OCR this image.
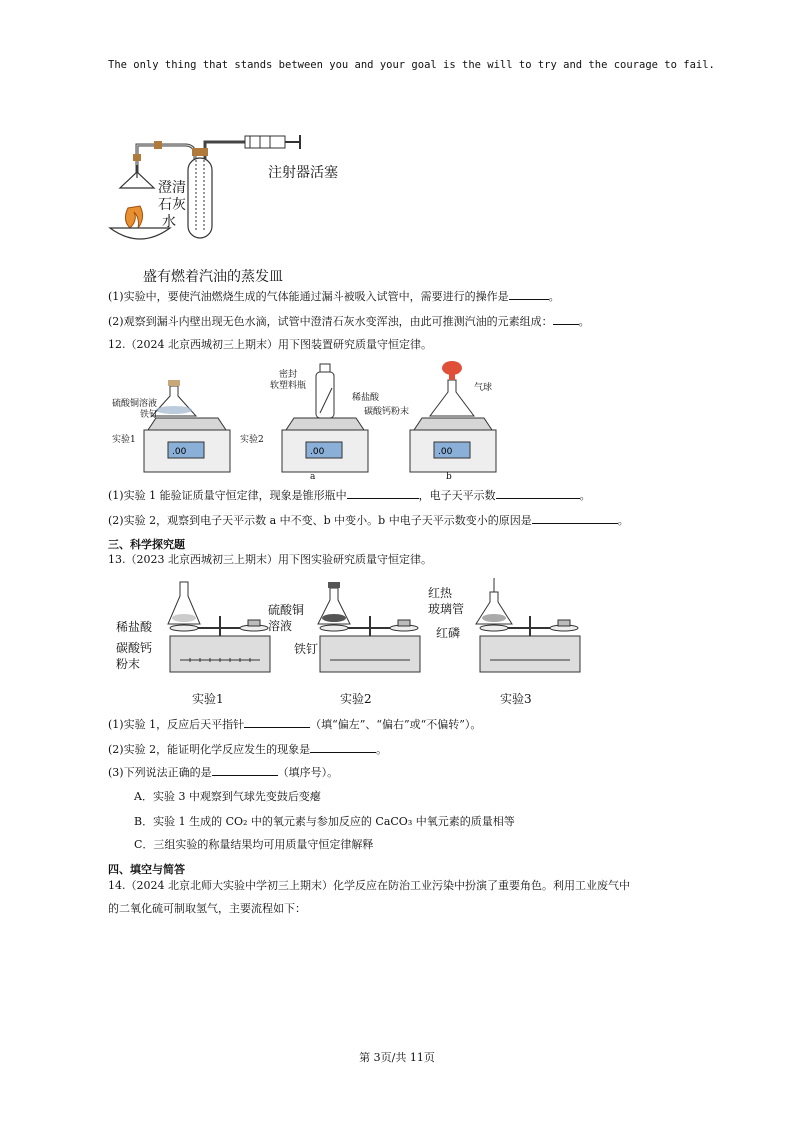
The only thing that stands between you and your goal is the will to try and the courage to fail.
注射器活塞
澄清
石灰
水
盛有燃着汽油的蒸发皿
(1)实验中，要使汽油燃烧生成的气体能通过漏斗被吸入试管中，需要进行的操作是	。
(2)观察到漏斗内壁出现无色水滴，试管中澄清石灰水变浑浊，由此可推测汽油的元素组成： 。
12.（2024 北京西城初三上期末）用下图装置研究质量守恒定律。
.00	.00	.00
硫酸铜溶液
铁钉
实验1	实验2
密封
软塑料瓶
稀盐酸
碳酸钙粉末
气球
a	b
(1)实验 1 能验证质量守恒定律，现象是锥形瓶中	，电子天平示数	。
(2)实验 2，观察到电子天平示数 a 中不变、b 中变小。b 中电子天平示数变小的原因是	。
三、科学探究题
13.（2023 北京西城初三上期末）用下图实验研究质量守恒定律。
稀盐酸
碳酸钙
粉末
硫酸铜
溶液
铁钉
红热
玻璃管
红磷
实验1	实验2	实验3
(1)实验 1，反应后天平指针	（填“偏左”、“偏右”或“不偏转”）。
(2)实验 2，能证明化学反应发生的现象是	。
(3)下列说法正确的是	（填序号）。
A．实验 3 中观察到气球先变鼓后变瘪
B．实验 1 生成的 CO₂ 中的氧元素与参加反应的 CaCO₃ 中氧元素的质量相等
C．三组实验的称量结果均可用质量守恒定律解释
四、填空与简答
14.（2024 北京北师大实验中学初三上期末）化学反应在防治工业污染中扮演了重要角色。利用工业废气中
的二氧化硫可制取氢气，主要流程如下：
第 3页/共 11页
